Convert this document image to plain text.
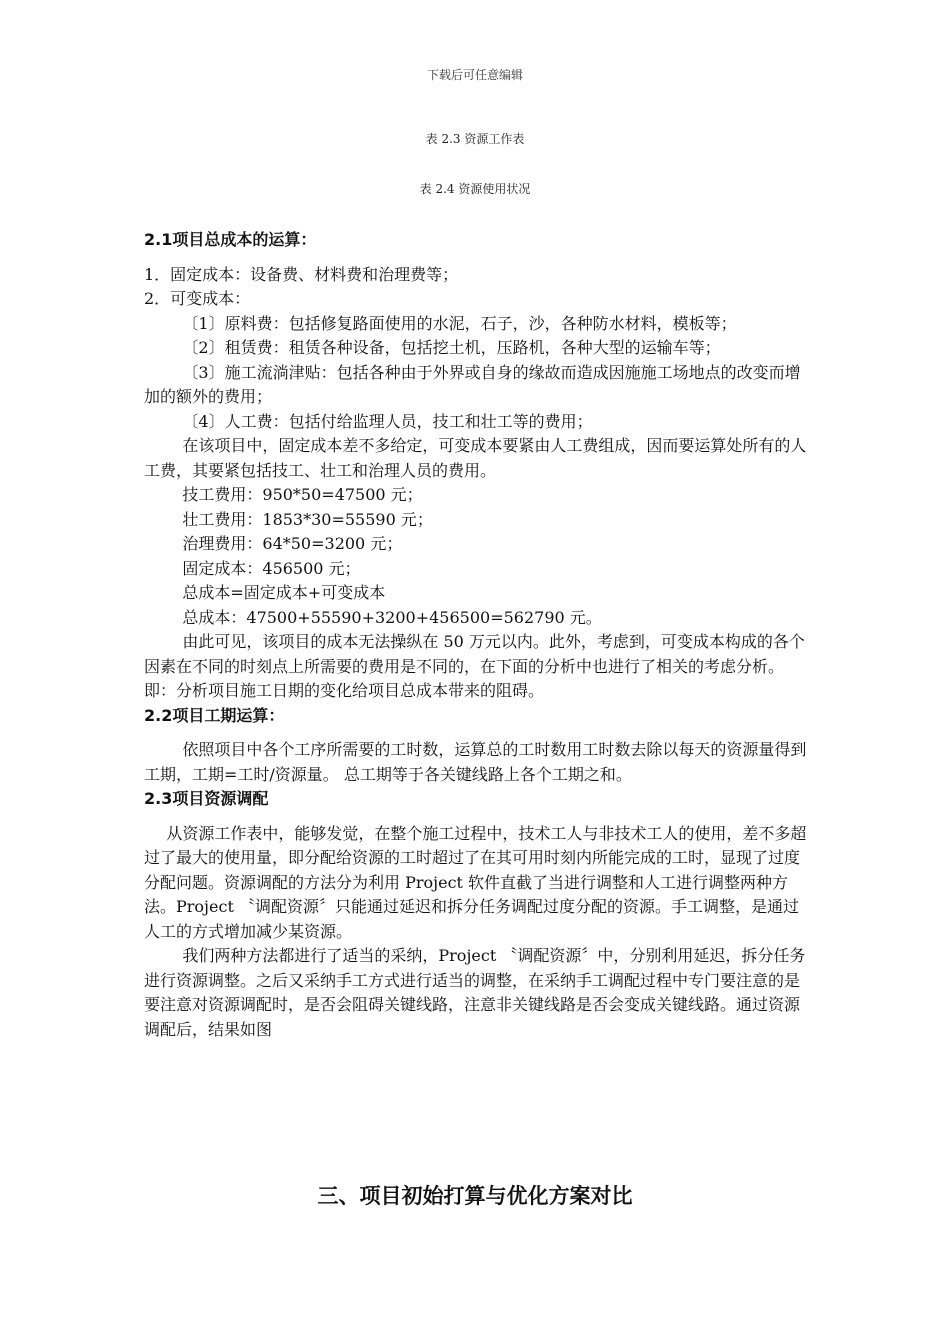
下载后可任意编辑
表 2.3 资源工作表
表 2.4 资源使用状况

2.1项目总成本的运算：

1．固定成本：设备费、材料费和治理费等；

2．可变成本：

〔1〕原料费：包括修复路面使用的水泥，石子，沙，各种防水材料，模板等；

〔2〕租赁费：租赁各种设备，包括挖土机，压路机，各种大型的运输车等；

〔3〕施工流淌津贴：包括各种由于外界或自身的缘故而造成因施施工场地点的改变而增加的额外的费用；

〔4〕人工费：包括付给监理人员，技工和壮工等的费用；

在该项目中，固定成本差不多给定，可变成本要紧由人工费组成，因而要运算处所有的人工费，其要紧包括技工、壮工和治理人员的费用。

技工费用：950*50=47500 元；

壮工费用：1853*30=55590 元；

治理费用：64*50=3200 元；

固定成本：456500 元；

总成本=固定成本+可变成本

总成本：47500+55590+3200+456500=562790 元。

由此可见，该项目的成本无法操纵在 50 万元以内。此外，考虑到，可变成本构成的各个因素在不同的时刻点上所需要的费用是不同的，在下面的分析中也进行了相关的考虑分析。即：分析项目施工日期的变化给项目总成本带来的阻碍。

2.2项目工期运算：

依照项目中各个工序所需要的工时数，运算总的工时数用工时数去除以每天的资源量得到工期，工期=工时/资源量。 总工期等于各关键线路上各个工期之和。

2.3项目资源调配

从资源工作表中，能够发觉，在整个施工过程中，技术工人与非技术工人的使用，差不多超过了最大的使用量，即分配给资源的工时超过了在其可用时刻内所能完成的工时，显现了过度分配问题。资源调配的方法分为利用 Project 软件直截了当进行调整和人工进行调整两种方法。Project 〝调配资源〞只能通过延迟和拆分任务调配过度分配的资源。手工调整，是通过人工的方式增加减少某资源。

我们两种方法都进行了适当的采纳，Project 〝调配资源〞中，分别利用延迟，拆分任务进行资源调整。之后又采纳手工方式进行适当的调整，在采纳手工调配过程中专门要注意的是要注意对资源调配时，是否会阻碍关键线路，注意非关键线路是否会变成关键线路。通过资源调配后，结果如图

三、项目初始打算与优化方案对比
